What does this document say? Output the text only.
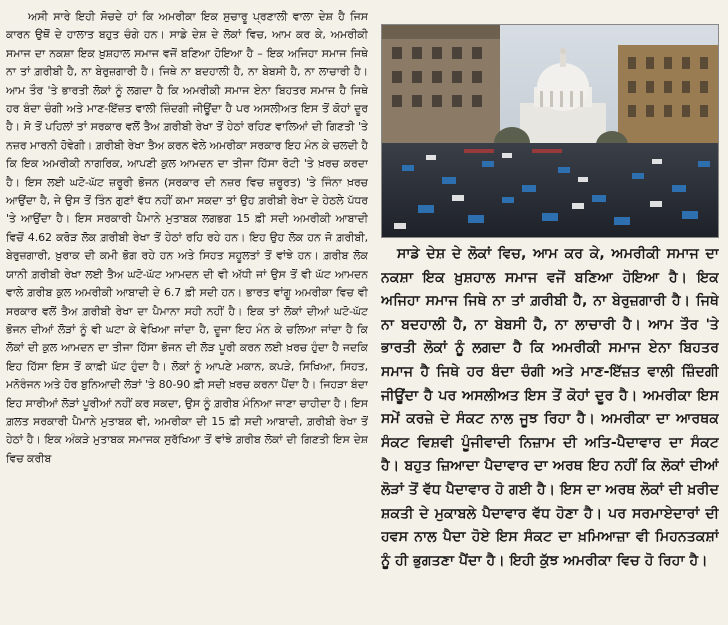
ਅਸੀ ਸਾਰੇ ਇਹੀ ਸੋਚਦੇ ਹਾਂ ਕਿ ਅਮਰੀਕਾ ਇਕ ਸੁਚਾਰੂ ਪ੍ਰਣਾਲੀ ਵਾਲਾ ਦੇਸ਼ ਹੈ ਜਿਸ ਕਾਰਨ ਉਥੋਂ ਦੇ ਹਾਲਾਤ ਬਹੁਤ ਚੰਗੇ ਹਨ। ਸਾਡੇ ਦੇਸ਼ ਦੇ ਲੋਕਾਂ ਵਿਚ, ਆਮ ਕਰ ਕੇ, ਅਮਰੀਕੀ ਸਮਾਜ ਦਾ ਨਕਸ਼ਾ ਇਕ ਖ਼ੁਸ਼ਹਾਲ ਸਮਾਜ ਵਜੋਂ ਬਣਿਆ ਹੋਇਆ ਹੈ – ਇਕ ਅਜਿਹਾ ਸਮਾਜ ਜਿਥੇ ਨਾ ਤਾਂ ਗ਼ਰੀਬੀ ਹੈ, ਨਾ ਬੇਰੁਜ਼ਗਾਰੀ ਹੈ। ਜਿਥੇ ਨਾ ਬਦਹਾਲੀ ਹੈ, ਨਾ ਬੇਬਸੀ ਹੈ, ਨਾ ਲਾਚਾਰੀ ਹੈ। ਆਮ ਤੌਰ 'ਤੇ ਭਾਰਤੀ ਲੋਕਾਂ ਨੂੰ ਲਗਦਾ ਹੈ ਕਿ ਅਮਰੀਕੀ ਸਮਾਜ ਏਨਾ ਬਿਹਤਰ ਸਮਾਜ ਹੈ ਜਿਥੇ ਹਰ ਬੰਦਾ ਚੰਗੀ ਅਤੇ ਮਾਣ-ਇੱਜ਼ਤ ਵਾਲੀ ਜ਼ਿੰਦਗੀ ਜੀਊਂਦਾ ਹੈ ਪਰ ਅਸਲੀਅਤ ਇਸ ਤੋਂ ਕੋਹਾਂ ਦੂਰ ਹੈ। ਸੋ ਤੋਂ ਪਹਿਲਾਂ ਤਾਂ ਸਰਕਾਰ ਵਲੋਂ ਤੈਅ ਗ਼ਰੀਬੀ ਰੇਖਾ ਤੋਂ ਹੇਠਾਂ ਰਹਿਣ ਵਾਲਿਆਂ ਦੀ ਗਿਣਤੀ 'ਤੇ ਨਜ਼ਰ ਮਾਰਨੀ ਹੋਵੇਗੀ। ਗ਼ਰੀਬੀ ਰੇਖਾ ਤੈਅ ਕਰਨ ਵੇਲੇ ਅਮਰੀਕਾ ਸਰਕਾਰ ਇਹ ਮੰਨ ਕੇ ਚਲਦੀ ਹੈ ਕਿ ਇਕ ਅਮਰੀਕੀ ਨਾਗਰਿਕ, ਆਪਣੀ ਕੁਲ ਆਮਦਨ ਦਾ ਤੀਜਾ ਹਿੱਸਾ ਰੋਟੀ 'ਤੇ ਖ਼ਰਚ ਕਰਦਾ ਹੈ। ਇਸ ਲਈ ਘਟੋ-ਘੱਟ ਜ਼ਰੂਰੀ ਭੋਜਨ (ਸਰਕਾਰ ਦੀ ਨਜ਼ਰ ਵਿਚ ਜ਼ਰੂਰਤ) 'ਤੇ ਜਿੰਨਾ ਖ਼ਰਚ ਆਉਂਦਾ ਹੈ, ਜੇ ਉਸ ਤੋਂ ਤਿੰਨ ਗੁਣਾਂ ਵੱਧ ਨਹੀਂ ਕਮਾ ਸਕਦਾ ਤਾਂ ਉਹ ਗ਼ਰੀਬੀ ਰੇਖਾ ਦੇ ਹੇਠਲੇ ਪੱਧਰ 'ਤੇ ਆਉਂਦਾ ਹੈ। ਇਸ ਸਰਕਾਰੀ ਪੈਮਾਨੇ ਮੁਤਾਬਕ ਲਗਭਗ 15 ਫ਼ੀ ਸਦੀ ਅਮਰੀਕੀ ਆਬਾਦੀ ਵਿਚੋਂ 4.62 ਕਰੋੜ ਲੋਕ ਗ਼ਰੀਬੀ ਰੇਖਾ ਤੋਂ ਹੇਠਾਂ ਰਹਿ ਰਹੇ ਹਨ। ਇਹ ਉਹ ਲੋਕ ਹਨ ਜੋ ਗ਼ਰੀਬੀ, ਬੇਰੁਜ਼ਗਾਰੀ, ਖ਼ੁਰਾਕ ਦੀ ਕਮੀ ਭੋਗ ਰਹੇ ਹਨ ਅਤੇ ਸਿਹਤ ਸਹੂਲਤਾਂ ਤੋਂ ਵਾਂਝੇ ਹਨ। ਗ਼ਰੀਬ ਲੋਕ ਯਾਨੀ ਗ਼ਰੀਬੀ ਰੇਖਾ ਲਈ ਤੈਅ ਘਟੋ-ਘੱਟ ਆਮਦਨ ਦੀ ਵੀ ਅੱਧੀ ਜਾਂ ਉਸ ਤੋਂ ਵੀ ਘੱਟ ਆਮਦਨ ਵਾਲੇ ਗ਼ਰੀਬ ਕੁਲ ਅਮਰੀਕੀ ਆਬਾਦੀ ਦੇ 6.7 ਫ਼ੀ ਸਦੀ ਹਨ। ਭਾਰਤ ਵਾਂਗੂ ਅਮਰੀਕਾ ਵਿਚ ਵੀ ਸਰਕਾਰ ਵਲੋਂ ਤੈਅ ਗ਼ਰੀਬੀ ਰੇਖਾ ਦਾ ਪੈਮਾਨਾ ਸਹੀ ਨਹੀਂ ਹੈ। ਇਕ ਤਾਂ ਲੋਕਾਂ ਦੀਆਂ ਘਟੋ-ਘੱਟ ਭੋਜਨ ਦੀਆਂ ਲੋੜਾਂ ਨੂੰ ਵੀ ਘਟਾ ਕੇ ਵੇਖਿਆ ਜਾਂਦਾ ਹੈ, ਦੂਜਾ ਇਹ ਮੰਨ ਕੇ ਚਲਿਆ ਜਾਂਦਾ ਹੈ ਕਿ ਲੋਕਾਂ ਦੀ ਕੁਲ ਆਮਦਨ ਦਾ ਤੀਜਾ ਹਿੱਸਾ ਭੋਜਨ ਦੀ ਲੋੜ ਪੂਰੀ ਕਰਨ ਲਈ ਖ਼ਰਚ ਹੁੰਦਾ ਹੈ ਜਦਕਿ ਇਹ ਹਿੱਸਾ ਇਸ ਤੋਂ ਕਾਫ਼ੀ ਘੱਟ ਹੁੰਦਾ ਹੈ। ਲੋਕਾਂ ਨੂੰ ਆਪਣੇ ਮਕਾਨ, ਕਪੜੇ, ਸਿਖਿਆ, ਸਿਹਤ, ਮਨੋਰੰਜਨ ਅਤੇ ਹੋਰ ਬੁਨਿਆਦੀ ਲੋੜਾਂ 'ਤੇ 80-90 ਫ਼ੀ ਸਦੀ ਖ਼ਰਚ ਕਰਨਾ ਪੈਂਦਾ ਹੈ। ਜਿਹੜਾ ਬੰਦਾ ਇਹ ਸਾਰੀਆਂ ਲੋੜਾਂ ਪੂਰੀਆਂ ਨਹੀਂ ਕਰ ਸਕਦਾ, ਉਸ ਨੂੰ ਗ਼ਰੀਬ ਮੰਨਿਆ ਜਾਣਾ ਚਾਹੀਦਾ ਹੈ। ਇਸ ਗ਼ਲਤ ਸਰਕਾਰੀ ਪੈਮਾਨੇ ਮੁਤਾਬਕ ਵੀ, ਅਮਰੀਕਾ ਦੀ 15 ਫ਼ੀ ਸਦੀ ਆਬਾਦੀ, ਗ਼ਰੀਬੀ ਰੇਖਾ ਤੋਂ ਹੇਠਾਂ ਹੈ। ਇਕ ਅੰਕੜੇ ਮੁਤਾਬਕ ਸਮਾਜਕ ਸੁਰੱਖਿਆ ਤੋਂ ਵਾਂਝੇ ਗ਼ਰੀਬ ਲੋਕਾਂ ਦੀ ਗਿਣਤੀ ਇਸ ਦੇਸ਼ ਵਿਚ ਕਰੀਬ
ਸਾਡੇ ਦੇਸ਼ ਦੇ ਲੋਕਾਂ ਵਿਚ, ਆਮ ਕਰ ਕੇ, ਅਮਰੀਕੀ ਸਮਾਜ ਦਾ ਨਕਸ਼ਾ ਇਕ ਖ਼ੁਸ਼ਹਾਲ ਸਮਾਜ ਵਜੋਂ ਬਣਿਆ ਹੋਇਆ ਹੈ। ਇਕ ਅਜਿਹਾ ਸਮਾਜ ਜਿਥੇ ਨਾ ਤਾਂ ਗ਼ਰੀਬੀ ਹੈ, ਨਾ ਬੇਰੁਜ਼ਗਾਰੀ ਹੈ। ਜਿਥੇ ਨਾ ਬਦਹਾਲੀ ਹੈ, ਨਾ ਬੇਬਸੀ ਹੈ, ਨਾ ਲਾਚਾਰੀ ਹੈ। ਆਮ ਤੌਰ 'ਤੇ ਭਾਰਤੀ ਲੋਕਾਂ ਨੂੰ ਲਗਦਾ ਹੈ ਕਿ ਅਮਰੀਕੀ ਸਮਾਜ ਏਨਾ ਬਿਹਤਰ ਸਮਾਜ ਹੈ ਜਿਥੇ ਹਰ ਬੰਦਾ ਚੰਗੀ ਅਤੇ ਮਾਣ-ਇੱਜ਼ਤ ਵਾਲੀ ਜ਼ਿੰਦਗੀ ਜੀਊਂਦਾ ਹੈ ਪਰ ਅਸਲੀਅਤ ਇਸ ਤੋਂ ਕੋਹਾਂ ਦੂਰ ਹੈ। ਅਮਰੀਕਾ ਇਸ ਸਮੇਂ ਕਰਜ਼ੇ ਦੇ ਸੰਕਟ ਨਾਲ ਜੂਝ ਰਿਹਾ ਹੈ। ਅਮਰੀਕਾ ਦਾ ਆਰਥਕ ਸੰਕਟ ਵਿਸ਼ਵੀ ਪੂੰਜੀਵਾਦੀ ਨਿਜ਼ਾਮ ਦੀ ਅਤਿ-ਪੈਦਾਵਾਰ ਦਾ ਸੰਕਟ ਹੈ। ਬਹੁਤ ਜ਼ਿਆਦਾ ਪੈਦਾਵਾਰ ਦਾ ਅਰਥ ਇਹ ਨਹੀਂ ਕਿ ਲੋਕਾਂ ਦੀਆਂ ਲੋੜਾਂ ਤੋਂ ਵੱਧ ਪੈਦਾਵਾਰ ਹੋ ਗਈ ਹੈ। ਇਸ ਦਾ ਅਰਥ ਲੋਕਾਂ ਦੀ ਖ਼ਰੀਦ ਸ਼ਕਤੀ ਦੇ ਮੁਕਾਬਲੇ ਪੈਦਾਵਾਰ ਵੱਧ ਹੋਣਾ ਹੈ। ਪਰ ਸਰਮਾਏਦਾਰਾਂ ਦੀ ਹਵਸ ਨਾਲ ਪੈਦਾ ਹੋਏ ਇਸ ਸੰਕਟ ਦਾ ਖ਼ਮਿਆਜ਼ਾ ਵੀ ਮਿਹਨਤਕਸ਼ਾਂ ਨੂੰ ਹੀ ਭੁਗਤਣਾ ਪੈਂਦਾ ਹੈ। ਇਹੀ ਕੁੱਝ ਅਮਰੀਕਾ ਵਿਚ ਹੋ ਰਿਹਾ ਹੈ।
